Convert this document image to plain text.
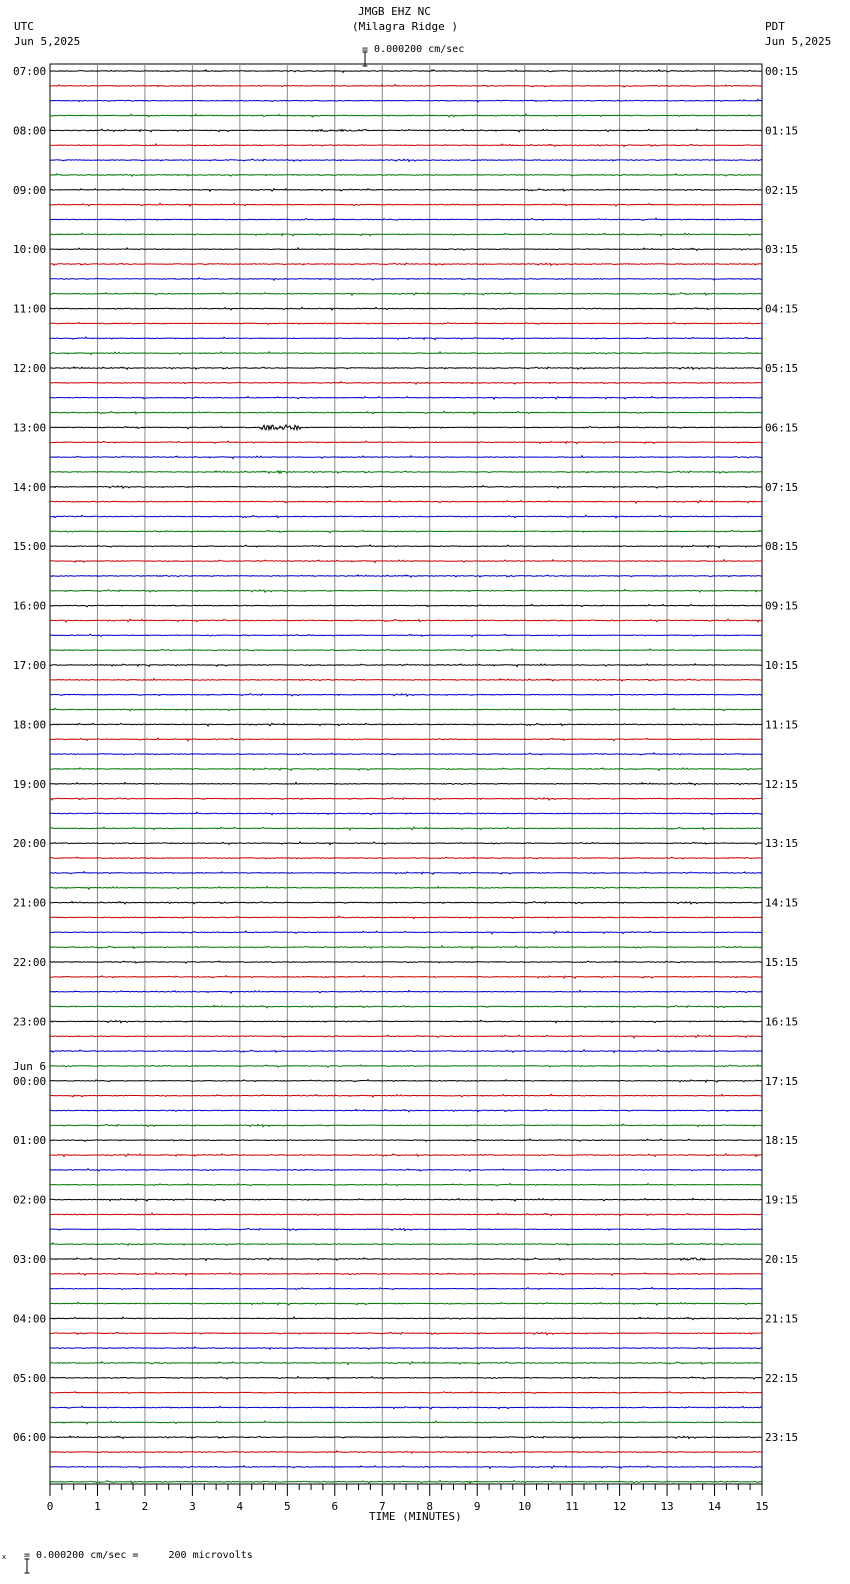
0	1	2	3	4	5	6	7	8	9	10	11	12	13	14	15
07:00	00:15
08:00	01:15
09:00	02:15
10:00	03:15
11:00	04:15
12:00	05:15
13:00	06:15
14:00	07:15
15:00	08:15
16:00	09:15
17:00	10:15
18:00	11:15
19:00	12:15
20:00	13:15
21:00	14:15
22:00	15:15
23:00	16:15
00:00	17:15
Jun 6
01:00	18:15
02:00	19:15
03:00	20:15
04:00	21:15
05:00	22:15
06:00	23:15
JMGB EHZ NC
(Milagra Ridge )

= 0.000200 cm/sec
UTC
Jun 5,2025
PDT
Jun 5,2025
TIME (MINUTES)
x

= 0.000200 cm/sec =     200 microvolts
